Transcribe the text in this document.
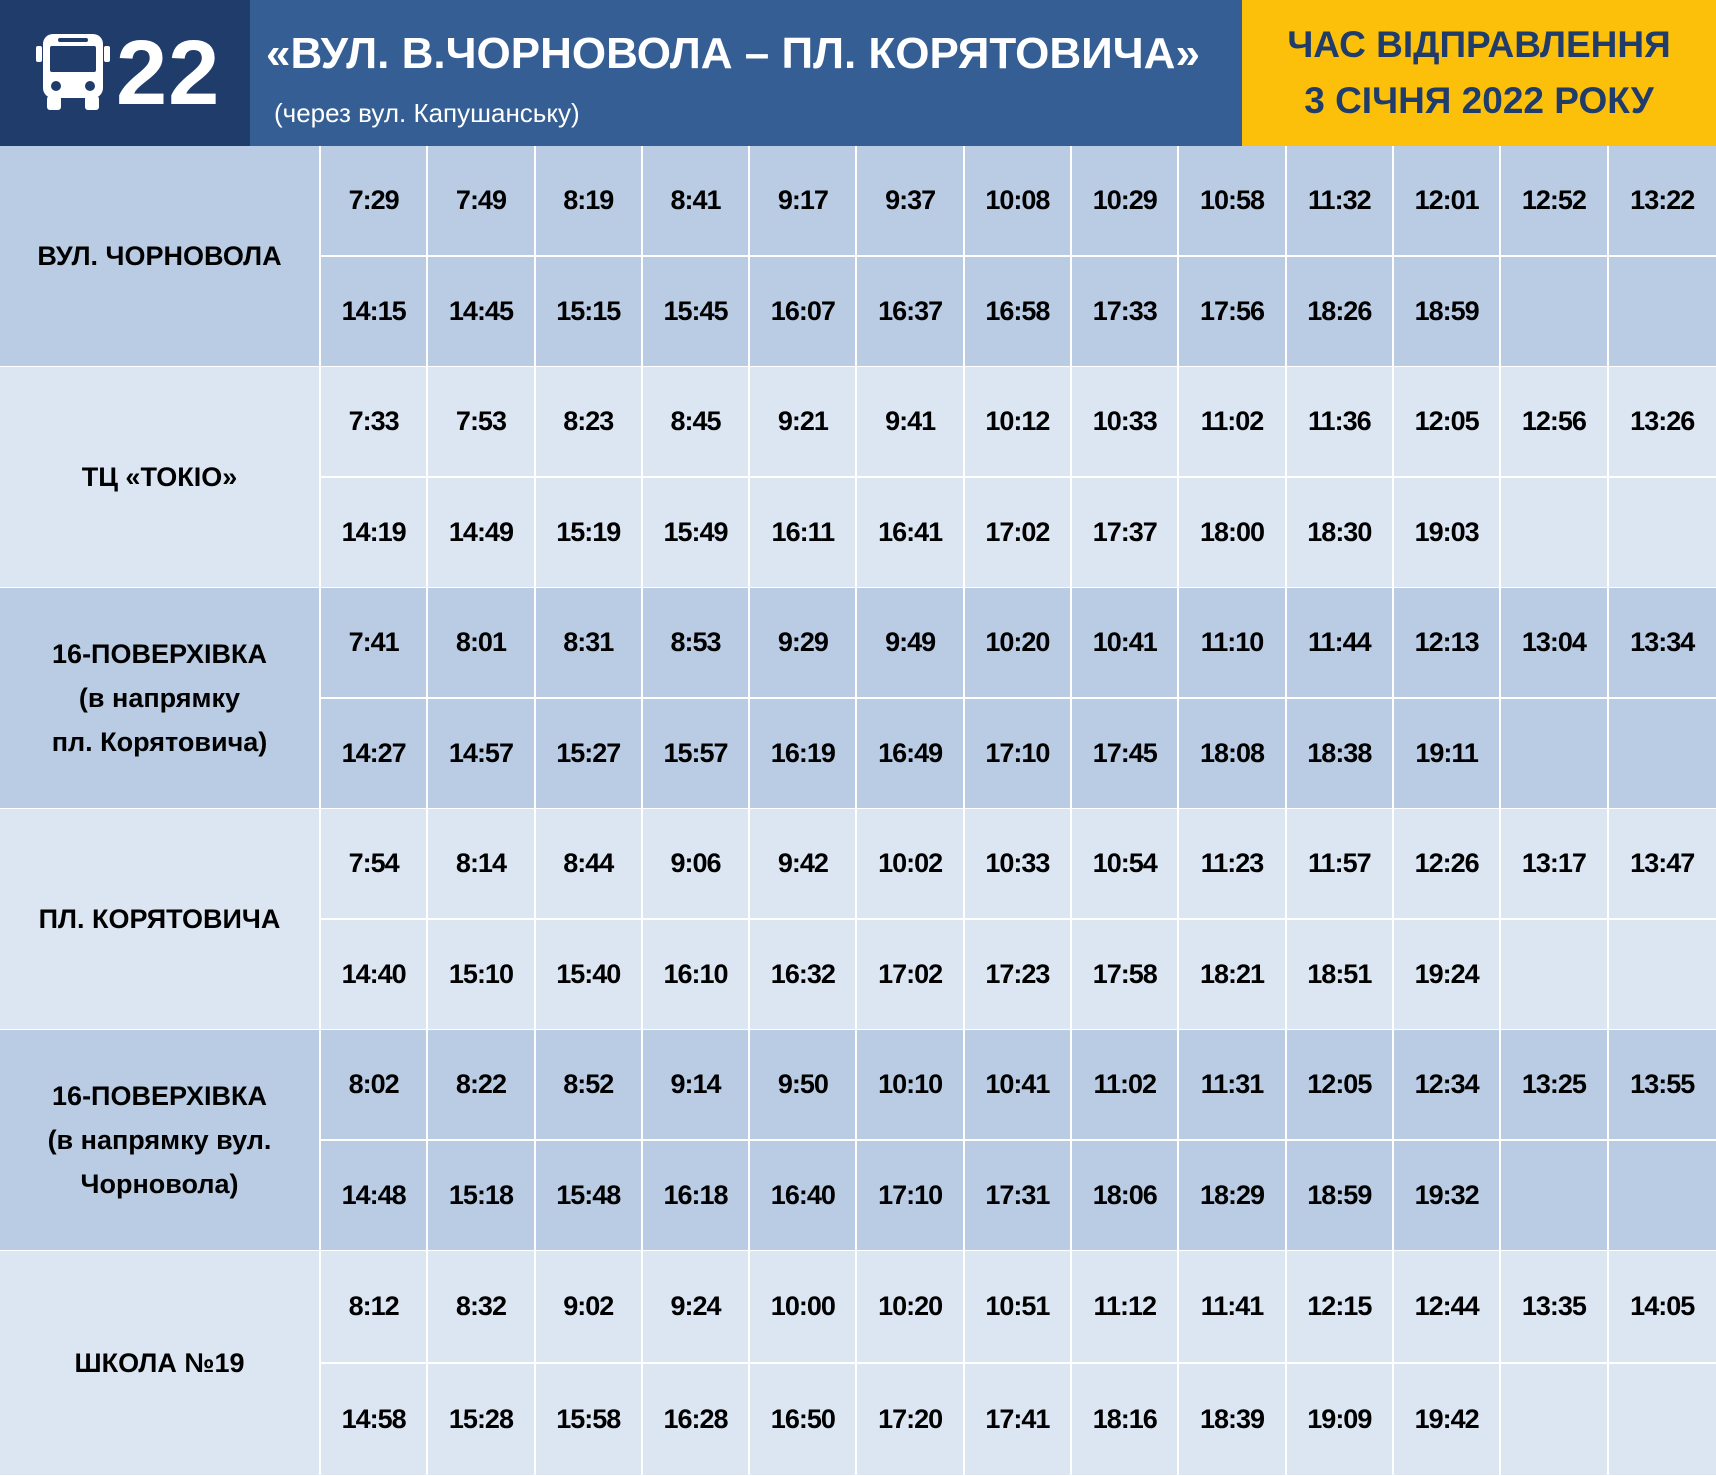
22 «ВУЛ. В.ЧОРНОВОЛА – ПЛ. КОРЯТОВИЧА»
(через вул. Капушанську)
ЧАС ВІДПРАВЛЕННЯ
3 СІЧНЯ 2022 РОКУ
ВУЛ. ЧОРНОВОЛА
7:29	7:49	8:19	8:41	9:17	9:37	10:08	10:29	10:58	11:32	12:01	12:52	13:22
14:15	14:45	15:15	15:45	16:07	16:37	16:58	17:33	17:56	18:26	18:59
ТЦ «ТОКІО»
7:33	7:53	8:23	8:45	9:21	9:41	10:12	10:33	11:02	11:36	12:05	12:56	13:26
14:19	14:49	15:19	15:49	16:11	16:41	17:02	17:37	18:00	18:30	19:03
16-ПОВЕРХІВКА
(в напрямку
пл. Корятовича)
7:41	8:01	8:31	8:53	9:29	9:49	10:20	10:41	11:10	11:44	12:13	13:04	13:34
14:27	14:57	15:27	15:57	16:19	16:49	17:10	17:45	18:08	18:38	19:11
ПЛ. КОРЯТОВИЧА
7:54	8:14	8:44	9:06	9:42	10:02	10:33	10:54	11:23	11:57	12:26	13:17	13:47
14:40	15:10	15:40	16:10	16:32	17:02	17:23	17:58	18:21	18:51	19:24
16-ПОВЕРХІВКА
(в напрямку вул.
Чорновола)
8:02	8:22	8:52	9:14	9:50	10:10	10:41	11:02	11:31	12:05	12:34	13:25	13:55
14:48	15:18	15:48	16:18	16:40	17:10	17:31	18:06	18:29	18:59	19:32
ШКОЛА №19
8:12	8:32	9:02	9:24	10:00	10:20	10:51	11:12	11:41	12:15	12:44	13:35	14:05
14:58	15:28	15:58	16:28	16:50	17:20	17:41	18:16	18:39	19:09	19:42
